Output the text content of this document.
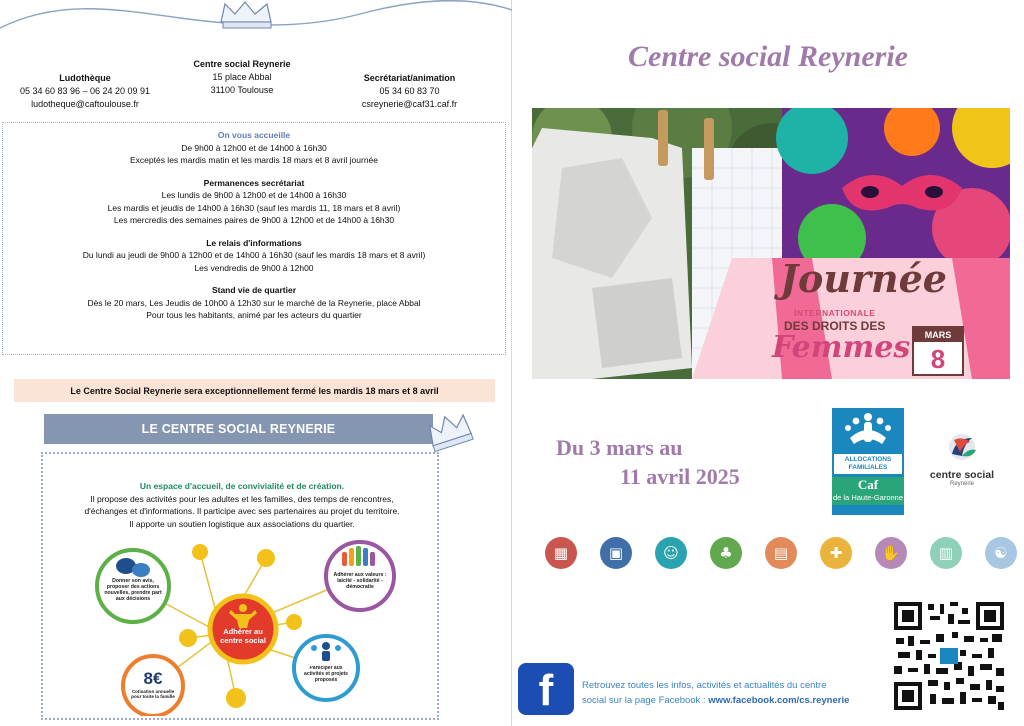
Ludothèque
05 34 60 83 96 – 06 24 20 09 91
ludotheque@caftoulouse.fr
Centre social Reynerie
15 place Abbal
31100 Toulouse
Secrétariat/animation
05 34 60 83 70
csreynerie@caf31.caf.fr
On vous accueille
De 9h00 à 12h00 et de 14h00 à 16h30
Exceptés les mardis matin et les mardis 18 mars et 8 avril journée
Permanences secrétariat
Les lundis de 9h00 à 12h00 et de 14h00 à 16h30
Les mardis et jeudis de 14h00 à 16h30 (sauf les mardis 11, 18 mars et 8 avril)
Les mercredis des semaines paires de 9h00 à 12h00 et de 14h00 à 16h30
Le relais d'informations
Du lundi au jeudi de 9h00 à 12h00 et de 14h00 à 16h30 (sauf les mardis 18 mars et 8 avril)
Les vendredis de 9h00 à 12h00
Stand vie de quartier
Dès le 20 mars, Les Jeudis de 10h00 à 12h30 sur le marché de la Reynerie, place Abbal
Pour tous les habitants, animé par les acteurs du quartier
Le Centre Social Reynerie sera exceptionnellement fermé les mardis 18 mars et 8 avril
LE CENTRE SOCIAL REYNERIE
Un espace d'accueil, de convivialité et de création.
Il propose des activités pour les adultes et les familles, des temps de rencontres,
d'échanges et d'informations. Il participe avec ses partenaires au projet du territoire.
Il apporte un soutien logistique aux associations du quartier.
Adhérer au centre social
Donner son avis, proposer des actions nouvelles, prendre part aux décisions
Adhérer aux valeurs : laïcité - solidarité - démocratie
8€
Cotisation annuelle pour toute la famille
Participer aux activités et projets proposés
Centre social Reynerie
Journée
INTERNATIONALE
DES DROITS DES
Femmes	MARS
8
Du 3 mars au
11 avril 2025
ALLOCATIONS FAMILIALES
Caf
de la Haute-Garonne
centre social
Reynerie
▦	▣	☺	♣	▤	✚	✋	▥	☯
f	Retrouvez toutes les infos, activités et actualités du centre
social sur la page Facebook : www.facebook.com/cs.reynerie
